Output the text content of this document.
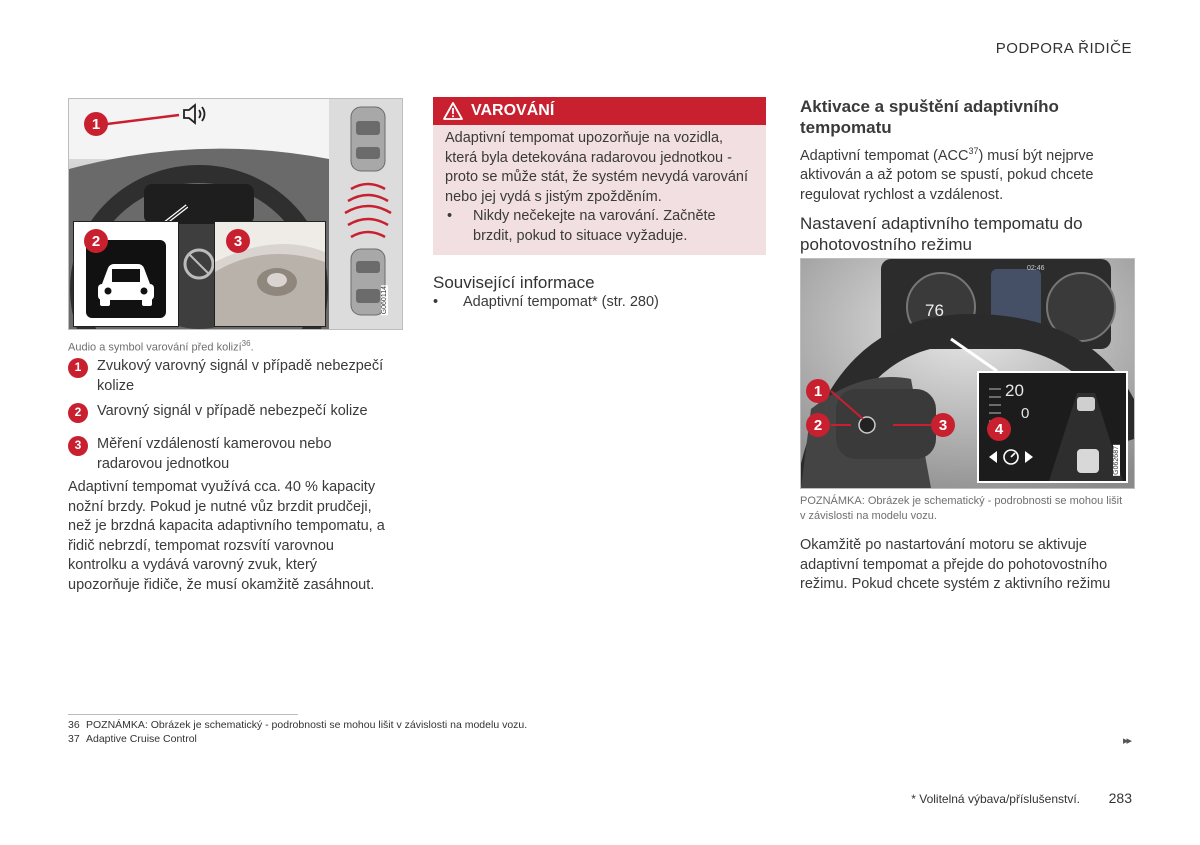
PODPORA ŘIDIČE
1
2	3
G060114
Audio a symbol varování před kolizí$^{36}$.
1	Zvukový varovný signál v případě nebezpečí kolize
2	Varovný signál v případě nebezpečí kolize
3	Měření vzdáleností kamerovou nebo radarovou jednotkou
Adaptivní tempomat využívá cca. 40 % kapacity nožní brzdy. Pokud je nutné vůz brzdit prudčeji, než je brzdná kapacita adaptivního tempomatu, a řidič nebrzdí, tempomat rozsvítí varovnou kontrolku a vydává varovný zvuk, který upozorňuje řidiče, že musí okamžitě zasáhnout.
VAROVÁNÍ
Adaptivní tempomat upozorňuje na vozidla, která byla detekována radarovou jednotkou - proto se může stát, že systém nevydá varování nebo jej vydá s jistým zpožděním.
•	Nikdy nečekejte na varování. Začněte brzdit, pokud to situace vyžaduje.
Související informace
•	Adaptivní tempomat* (str. 280)
Aktivace a spuštění adaptivního tempomatu
Adaptivní tempomat (ACC$^{37}$) musí být nejprve aktivován a až potom se spustí, pokud chcete regulovat rychlost a vzdálenost.
Nastavení adaptivního tempomatu do pohotovostního režimu
76
02:46
20
0
1
2	3	4
G062687
POZNÁMKA: Obrázek je schematický - podrobnosti se mohou lišit v závislosti na modelu vozu.
Okamžitě po nastartování motoru se aktivuje adaptivní tempomat a přejde do pohotovostního režimu. Pokud chcete systém z aktivního režimu
36 POZNÁMKA: Obrázek je schematický - podrobnosti se mohou lišit v závislosti na modelu vozu.
37 Adaptive Cruise Control	▸▸
* Volitelná výbava/příslušenství. 283
